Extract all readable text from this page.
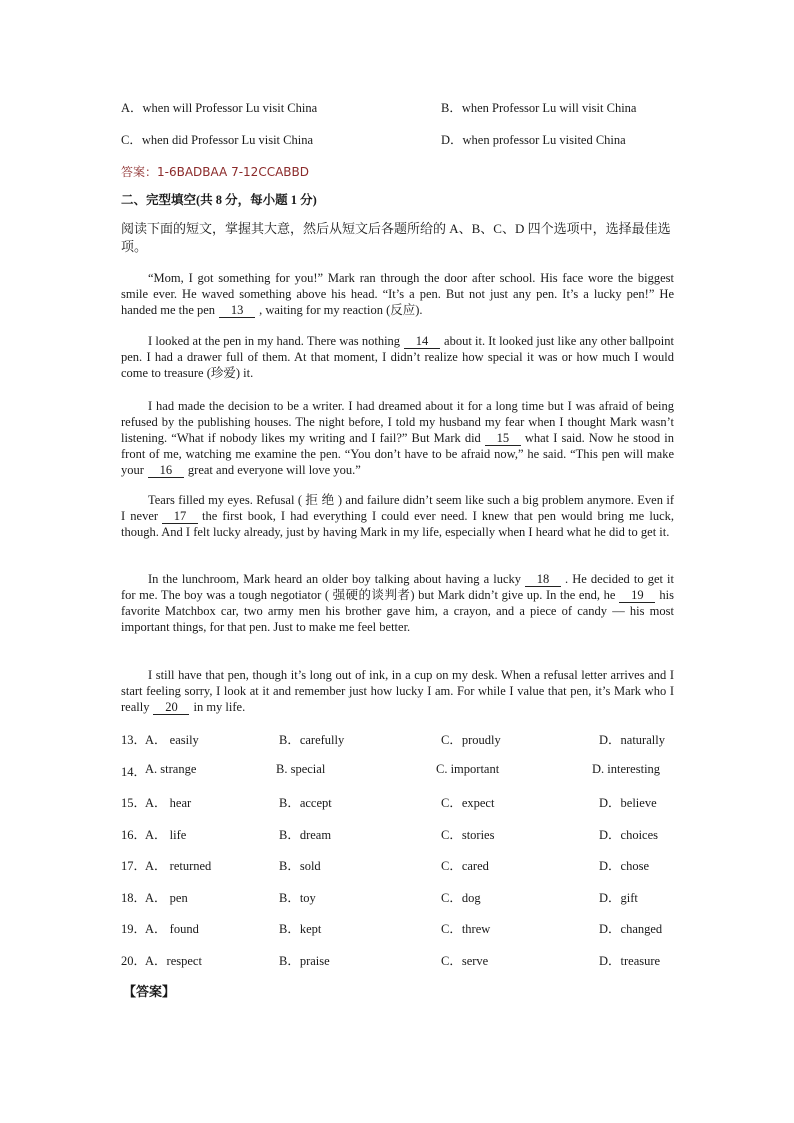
A．when will Professor Lu visit China	B．when Professor Lu will visit China
C．when did Professor Lu visit China	D．when professor Lu visited China
答案：1-6BADBAA 7-12CCABBD
二、完型填空(共 8 分，每小题 1 分)
阅读下面的短文，掌握其大意，然后从短文后各题所给的 A、B、C、D 四个选项中，选择最佳选项。
“Mom, I got something for you!” Mark ran through the door after school. His face wore the biggest smile ever. He waved something above his head. “It’s a pen. But not just any pen. It’s a lucky pen!” He handed me the pen 13 , waiting for my reaction (反应).
I looked at the pen in my hand. There was nothing 14 about it. It looked just like any other ballpoint pen. I had a drawer full of them. At that moment, I didn’t realize how special it was or how much I would come to treasure (珍爱) it.
I had made the decision to be a writer. I had dreamed about it for a long time but I was afraid of being refused by the publishing houses. The night before, I told my husband my fear when I thought Mark wasn’t listening. “What if nobody likes my writing and I fail?” But Mark did 15 what I said. Now he stood in front of me, watching me examine the pen. “You don’t have to be afraid now,” he said. “This pen will make your 16 great and everyone will love you.”
Tears filled my eyes. Refusal ( 拒 绝 ) and failure didn’t seem like such a big problem anymore. Even if I never 17 the first book, I had everything I could ever need. I knew that pen would bring me luck, though. And I felt lucky already, just by having Mark in my life, especially when I heard what he did to get it.
In the lunchroom, Mark heard an older boy talking about having a lucky 18 . He decided to get it for me. The boy was a tough negotiator ( 强硬的谈判者) but Mark didn’t give up. In the end, he 19 his favorite Matchbox car, two army men his brother gave him, a crayon, and a piece of candy — his most important things, for that pen. Just to make me feel better.
I still have that pen, though it’s long out of ink, in a cup on my desk. When a refusal letter arrives and I start feeling sorry, I look at it and remember just how lucky I am. For while I value that pen, it’s Mark who I really 20 in my life.
13．
A． easily	B．carefully	C．proudly	D．naturally
14．
A. strange	B. special	C. important	D. interesting
15．
A． hear	B．accept	C．expect	D．believe
16．
A． life	B．dream	C．stories	D．choices
17．
A． returned	B．sold	C．cared	D．chose
18．
A． pen	B．toy	C．dog	D．gift
19．
A． found	B．kept	C．threw	D．changed
20．
A．respect	B．praise	C．serve	D．treasure
【答案】
